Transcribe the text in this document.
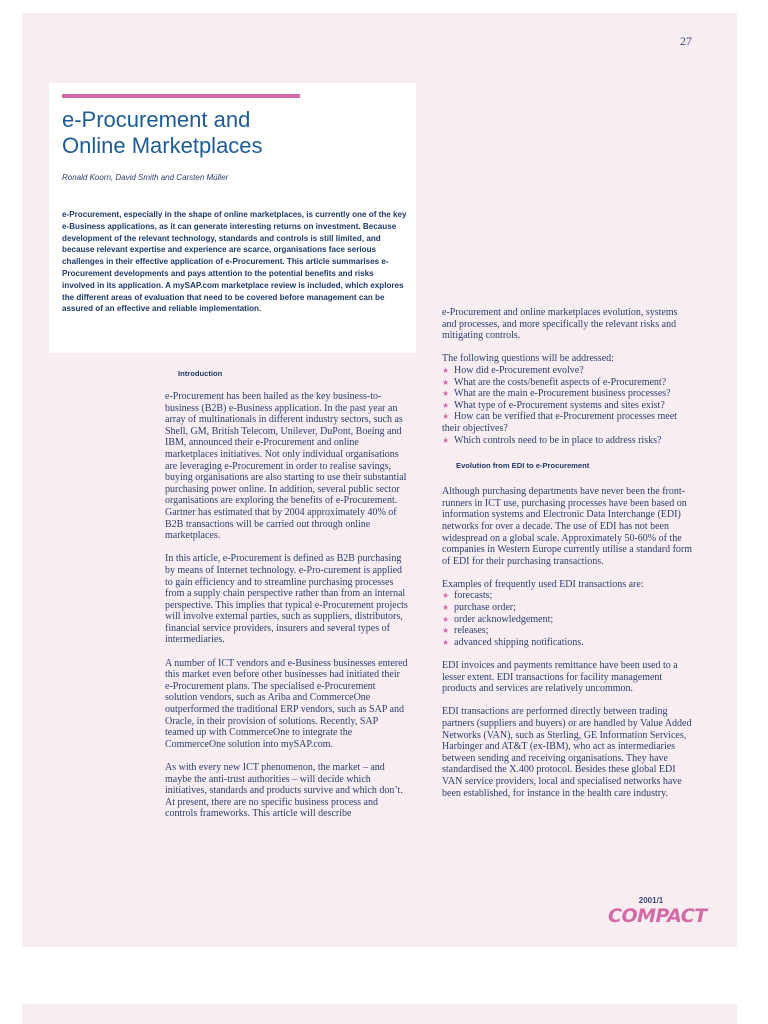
27
e-Procurement and
Online Marketplaces

Ronald Koorn, David Smith and Carsten Müller

e-Procurement, especially in the shape of online marketplaces, is currently one of the key e-Business applications, as it can generate interesting returns on investment. Because development of the relevant technology, standards and controls is still limited, and because relevant expertise and experience are scarce, organisations face serious challenges in their effective application of e-Procurement. This article summarises e-Procurement developments and pays attention to the potential benefits and risks involved in its application. A mySAP.com marketplace review is included, which explores the different areas of evaluation that need to be covered before management can be assured of an effective and reliable implementation.

Introduction

e-Procurement has been hailed as the key business-to-business (B2B) e-Business application. In the past year an array of multinationals in different industry sectors, such as Shell, GM, British Telecom, Unilever, DuPont, Boeing and IBM, announced their e-Procurement and online marketplaces initiatives. Not only individual organisations are leveraging e-Procurement in order to realise savings, buying organisations are also starting to use their substantial purchasing power online. In addition, several public sector organisations are exploring the benefits of e-Procurement. Gartner has estimated that by 2004 approximately 40% of B2B transactions will be carried out through online marketplaces.

In this article, e-Procurement is defined as B2B purchasing by means of Internet technology. e-Pro-curement is applied to gain efficiency and to streamline purchasing processes from a supply chain perspective rather than from an internal perspective. This implies that typical e-Procurement projects will involve external parties, such as suppliers, distributors, financial service providers, insurers and several types of intermediaries.

A number of ICT vendors and e-Business businesses entered this market even before other businesses had initiated their e-Procurement plans. The specialised e-Procurement solution vendors, such as Ariba and CommerceOne outperformed the traditional ERP vendors, such as SAP and Oracle, in their provision of solutions. Recently, SAP teamed up with CommerceOne to integrate the CommerceOne solution into mySAP.com.

As with every new ICT phenomenon, the market – and maybe the anti-trust authorities – will decide which initiatives, standards and products survive and which don’t. At present, there are no specific business process and controls frameworks. This article will describe

e-Procurement and online marketplaces evolution, systems and processes, and more specifically the relevant risks and mitigating controls.

The following questions will be addressed:
★ How did e-Procurement evolve?
★ What are the costs/benefit aspects of e-Procurement?
★ What are the main e-Procurement business processes?
★ What type of e-Procurement systems and sites exist?
★ How can be verified that e-Procurement processes meet their objectives?
★ Which controls need to be in place to address risks?
Evolution from EDI to e-Procurement

Although purchasing departments have never been the front-runners in ICT use, purchasing processes have been based on information systems and Electronic Data Interchange (EDI) networks for over a decade. The use of EDI has not been widespread on a global scale. Approximately 50-60% of the companies in Western Europe currently utilise a standard form of EDI for their purchasing transactions.

Examples of frequently used EDI transactions are:
★ forecasts;
★ purchase order;
★ order acknowledgement;
★ releases;
★ advanced shipping notifications.

EDI invoices and payments remittance have been used to a lesser extent. EDI transactions for facility management products and services are relatively uncommon.

EDI transactions are performed directly between trading partners (suppliers and buyers) or are handled by Value Added Networks (VAN), such as Sterling, GE Information Services, Harbinger and AT&T (ex-IBM), who act as intermediaries between sending and receiving organisations. They have standardised the X.400 protocol. Besides these global EDI VAN service providers, local and specialised networks have been established, for instance in the health care industry.

2001/1
COMPACT
